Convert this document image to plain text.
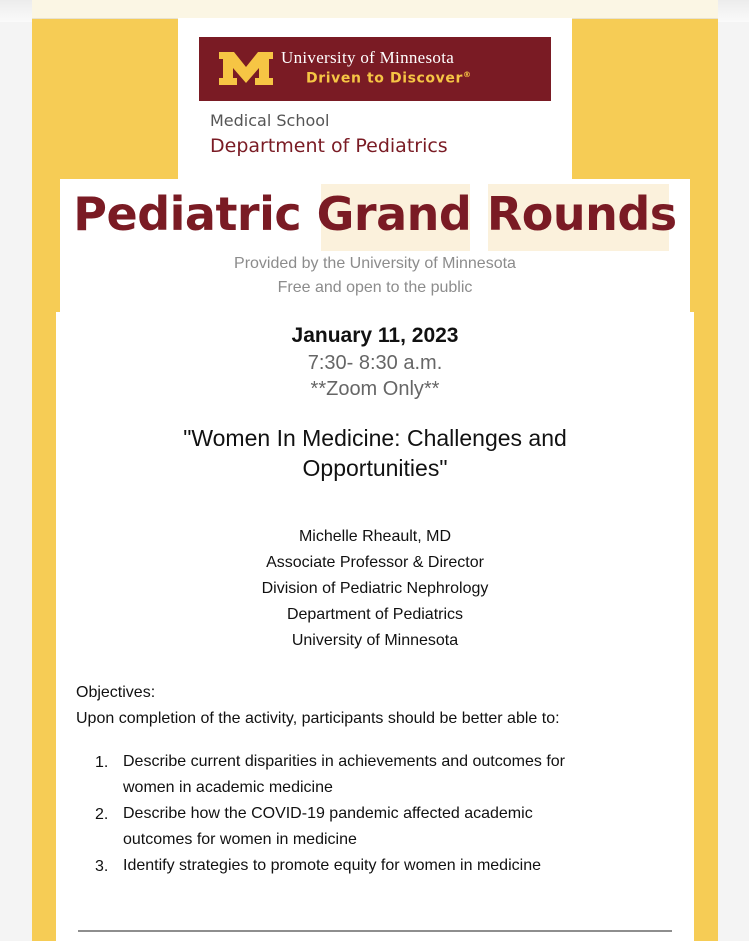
University of Minnesota
Driven to Discover®
Medical School
Department of Pediatrics
Pediatric Grand Rounds
Provided by the University of Minnesota
Free and open to the public
January 11, 2023
7:30- 8:30 a.m.
**Zoom Only**
"Women In Medicine: Challenges and
Opportunities"
Michelle Rheault, MD
Associate Professor & Director
Division of Pediatric Nephrology
Department of Pediatrics
University of Minnesota
Objectives:
Upon completion of the activity, participants should be better able to:
1. Describe current disparities in achievements and outcomes for
women in academic medicine
2. Describe how the COVID-19 pandemic affected academic
outcomes for women in medicine
3. Identify strategies to promote equity for women in medicine
